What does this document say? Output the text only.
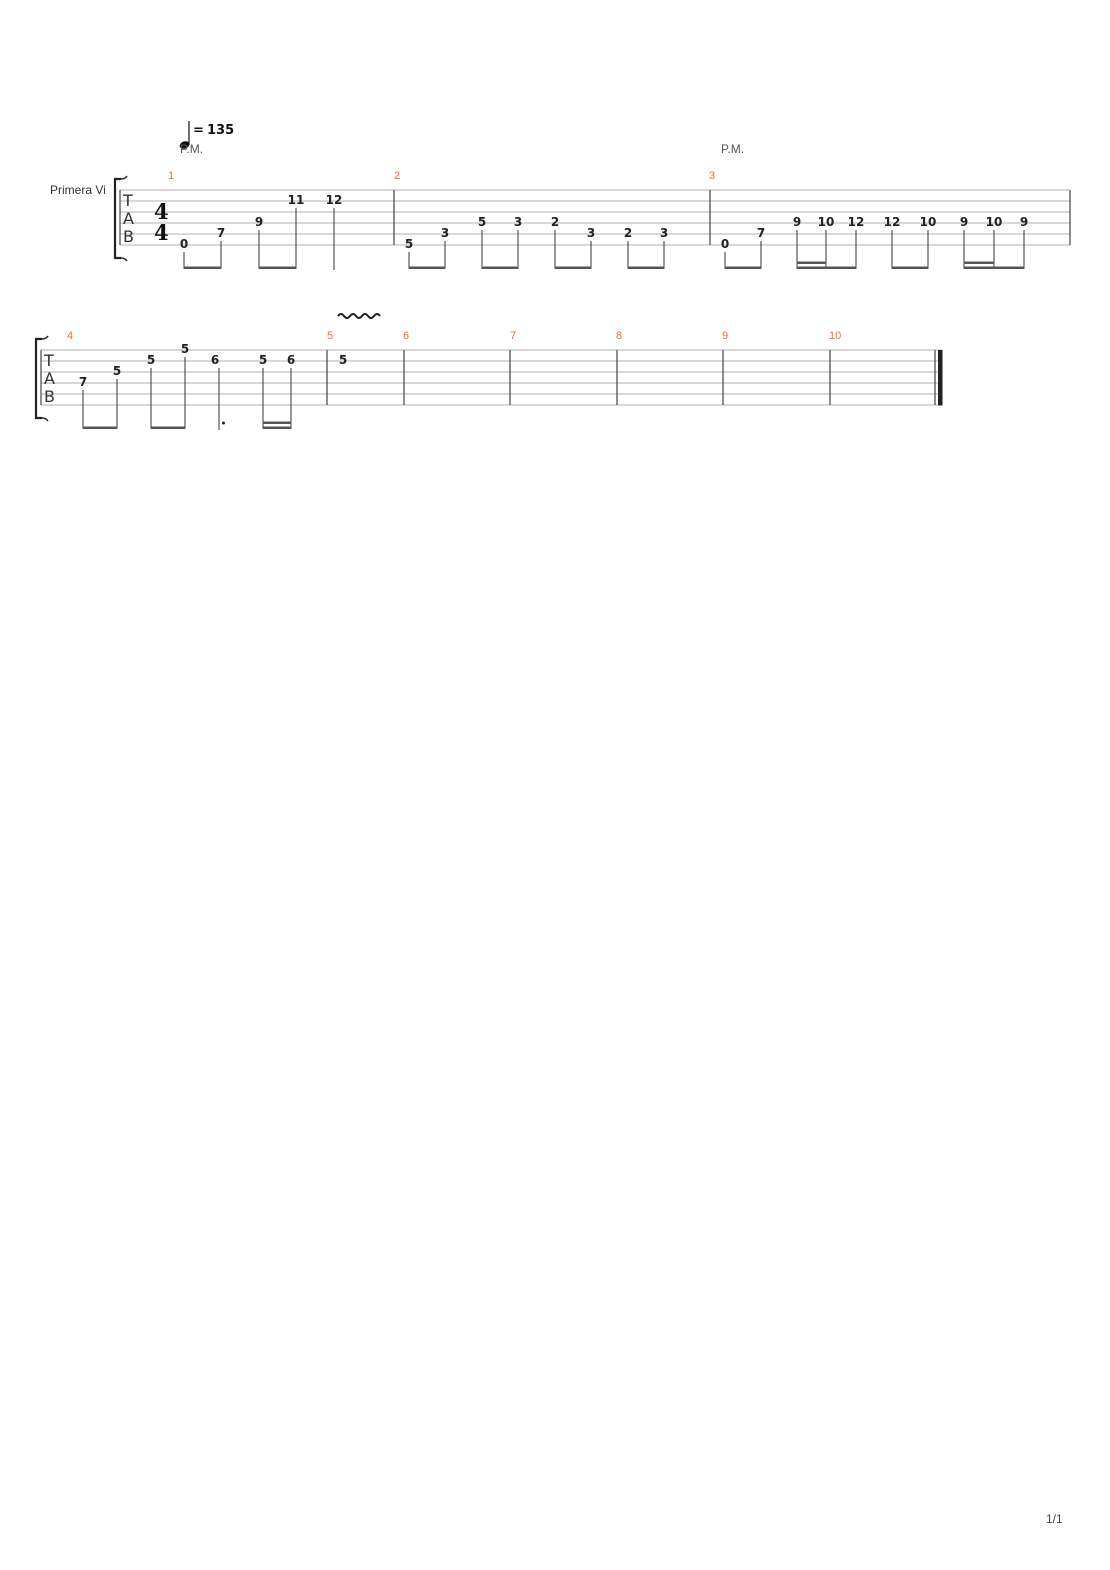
= 135
P.M.	P.M.
Primera Vi
T
A
B
4
4
1	2	3
0
7
9
11 12
5
3
5 3 2
3 2 3
0
7
9 10 12 12 10 9 10 9
T
A
B
4	5	6	7	8	9	10
7
5
5
5
6	5 6	5
1/1
